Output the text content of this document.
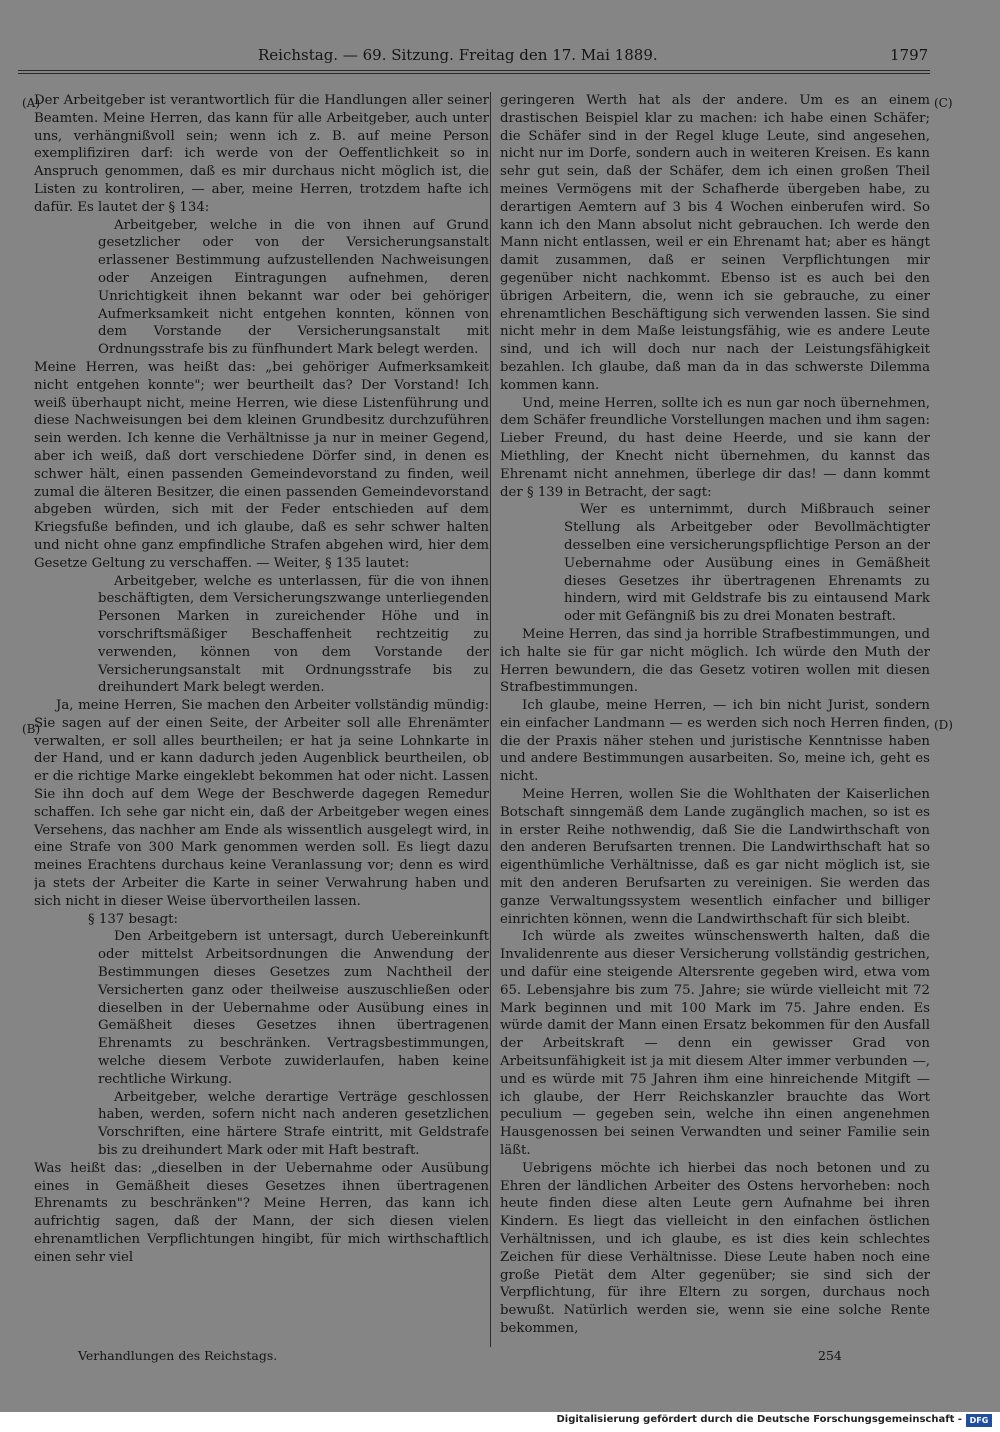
Reichstag. — 69. Sitzung. Freitag den 17. Mai 1889.	1797
(A)
(B)
(C)
(D)

Der Arbeitgeber ist verantwortlich für die Handlungen aller seiner Beamten. Meine Herren, das kann für alle Arbeitgeber, auch unter uns, verhängnißvoll sein; wenn ich z. B. auf meine Person exemplifiziren darf: ich werde von der Oeffentlichkeit so in Anspruch genommen, daß es mir durchaus nicht möglich ist, die Listen zu kontroliren, — aber, meine Herren, trotzdem hafte ich dafür. Es lautet der § 134:

Arbeitgeber, welche in die von ihnen auf Grund gesetzlicher oder von der Versicherungsanstalt erlassener Bestimmung aufzustellenden Nachweisungen oder Anzeigen Eintragungen aufnehmen, deren Unrichtigkeit ihnen bekannt war oder bei gehöriger Aufmerksamkeit nicht entgehen konnten, können von dem Vorstande der Versicherungsanstalt mit Ordnungsstrafe bis zu fünfhundert Mark belegt werden.

Meine Herren, was heißt das: „bei gehöriger Aufmerksamkeit nicht entgehen konnte"; wer beurtheilt das? Der Vorstand! Ich weiß überhaupt nicht, meine Herren, wie diese Listenführung und diese Nachweisungen bei dem kleinen Grundbesitz durchzuführen sein werden. Ich kenne die Verhältnisse ja nur in meiner Gegend, aber ich weiß, daß dort verschiedene Dörfer sind, in denen es schwer hält, einen passenden Gemeindevorstand zu finden, weil zumal die älteren Besitzer, die einen passenden Gemeindevorstand abgeben würden, sich mit der Feder entschieden auf dem Kriegsfuße befinden, und ich glaube, daß es sehr schwer halten und nicht ohne ganz empfindliche Strafen abgehen wird, hier dem Gesetze Geltung zu verschaffen. — Weiter, § 135 lautet:

Arbeitgeber, welche es unterlassen, für die von ihnen beschäftigten, dem Versicherungszwange unterliegenden Personen Marken in zureichender Höhe und in vorschriftsmäßiger Beschaffenheit rechtzeitig zu verwenden, können von dem Vorstande der Versicherungsanstalt mit Ordnungsstrafe bis zu dreihundert Mark belegt werden.

Ja, meine Herren, Sie machen den Arbeiter vollständig mündig: Sie sagen auf der einen Seite, der Arbeiter soll alle Ehrenämter verwalten, er soll alles beurtheilen; er hat ja seine Lohnkarte in der Hand, und er kann dadurch jeden Augenblick beurtheilen, ob er die richtige Marke eingeklebt bekommen hat oder nicht. Lassen Sie ihn doch auf dem Wege der Beschwerde dagegen Remedur schaffen. Ich sehe gar nicht ein, daß der Arbeitgeber wegen eines Versehens, das nachher am Ende als wissentlich ausgelegt wird, in eine Strafe von 300 Mark genommen werden soll. Es liegt dazu meines Erachtens durchaus keine Veranlassung vor; denn es wird ja stets der Arbeiter die Karte in seiner Verwahrung haben und sich nicht in dieser Weise übervortheilen lassen.

§ 137 besagt:

Den Arbeitgebern ist untersagt, durch Uebereinkunft oder mittelst Arbeitsordnungen die Anwendung der Bestimmungen dieses Gesetzes zum Nachtheil der Versicherten ganz oder theilweise auszuschließen oder dieselben in der Uebernahme oder Ausübung eines in Gemäßheit dieses Gesetzes ihnen übertragenen Ehrenamts zu beschränken. Vertragsbestimmungen, welche diesem Verbote zuwiderlaufen, haben keine rechtliche Wirkung.

Arbeitgeber, welche derartige Verträge geschlossen haben, werden, sofern nicht nach anderen gesetzlichen Vorschriften, eine härtere Strafe eintritt, mit Geldstrafe bis zu dreihundert Mark oder mit Haft bestraft.

Was heißt das: „dieselben in der Uebernahme oder Ausübung eines in Gemäßheit dieses Gesetzes ihnen übertragenen Ehrenamts zu beschränken"? Meine Herren, das kann ich aufrichtig sagen, daß der Mann, der sich diesen vielen ehrenamtlichen Verpflichtungen hingibt, für mich wirthschaftlich einen sehr viel

geringeren Werth hat als der andere. Um es an einem drastischen Beispiel klar zu machen: ich habe einen Schäfer; die Schäfer sind in der Regel kluge Leute, sind angesehen, nicht nur im Dorfe, sondern auch in weiteren Kreisen. Es kann sehr gut sein, daß der Schäfer, dem ich einen großen Theil meines Vermögens mit der Schafherde übergeben habe, zu derartigen Aemtern auf 3 bis 4 Wochen einberufen wird. So kann ich den Mann absolut nicht gebrauchen. Ich werde den Mann nicht entlassen, weil er ein Ehrenamt hat; aber es hängt damit zusammen, daß er seinen Verpflichtungen mir gegenüber nicht nachkommt. Ebenso ist es auch bei den übrigen Arbeitern, die, wenn ich sie gebrauche, zu einer ehrenamtlichen Beschäftigung sich verwenden lassen. Sie sind nicht mehr in dem Maße leistungsfähig, wie es andere Leute sind, und ich will doch nur nach der Leistungsfähigkeit bezahlen. Ich glaube, daß man da in das schwerste Dilemma kommen kann.

Und, meine Herren, sollte ich es nun gar noch übernehmen, dem Schäfer freundliche Vorstellungen machen und ihm sagen: Lieber Freund, du hast deine Heerde, und sie kann der Miethling, der Knecht nicht übernehmen, du kannst das Ehrenamt nicht annehmen, überlege dir das! — dann kommt der § 139 in Betracht, der sagt:

Wer es unternimmt, durch Mißbrauch seiner Stellung als Arbeitgeber oder Bevollmächtigter desselben eine versicherungspflichtige Person an der Uebernahme oder Ausübung eines in Gemäßheit dieses Gesetzes ihr übertragenen Ehrenamts zu hindern, wird mit Geldstrafe bis zu eintausend Mark oder mit Gefängniß bis zu drei Monaten bestraft.

Meine Herren, das sind ja horrible Strafbestimmungen, und ich halte sie für gar nicht möglich. Ich würde den Muth der Herren bewundern, die das Gesetz votiren wollen mit diesen Strafbestimmungen.

Ich glaube, meine Herren, — ich bin nicht Jurist, sondern ein einfacher Landmann — es werden sich noch Herren finden, die der Praxis näher stehen und juristische Kenntnisse haben und andere Bestimmungen ausarbeiten. So, meine ich, geht es nicht.

Meine Herren, wollen Sie die Wohlthaten der Kaiserlichen Botschaft sinngemäß dem Lande zugänglich machen, so ist es in erster Reihe nothwendig, daß Sie die Landwirthschaft von den anderen Berufsarten trennen. Die Landwirthschaft hat so eigenthümliche Verhältnisse, daß es gar nicht möglich ist, sie mit den anderen Berufsarten zu vereinigen. Sie werden das ganze Verwaltungssystem wesentlich einfacher und billiger einrichten können, wenn die Landwirthschaft für sich bleibt.

Ich würde als zweites wünschenswerth halten, daß die Invalidenrente aus dieser Versicherung vollständig gestrichen, und dafür eine steigende Altersrente gegeben wird, etwa vom 65. Lebensjahre bis zum 75. Jahre; sie würde vielleicht mit 72 Mark beginnen und mit 100 Mark im 75. Jahre enden. Es würde damit der Mann einen Ersatz bekommen für den Ausfall der Arbeitskraft — denn ein gewisser Grad von Arbeitsunfähigkeit ist ja mit diesem Alter immer verbunden —, und es würde mit 75 Jahren ihm eine hinreichende Mitgift — ich glaube, der Herr Reichskanzler brauchte das Wort peculium — gegeben sein, welche ihn einen angenehmen Hausgenossen bei seinen Verwandten und seiner Familie sein läßt.

Uebrigens möchte ich hierbei das noch betonen und zu Ehren der ländlichen Arbeiter des Ostens hervorheben: noch heute finden diese alten Leute gern Aufnahme bei ihren Kindern. Es liegt das vielleicht in den einfachen östlichen Verhältnissen, und ich glaube, es ist dies kein schlechtes Zeichen für diese Verhältnisse. Diese Leute haben noch eine große Pietät dem Alter gegenüber; sie sind sich der Verpflichtung, für ihre Eltern zu sorgen, durchaus noch bewußt. Natürlich werden sie, wenn sie eine solche Rente bekommen,

Verhandlungen des Reichstags.	254
Digitalisierung gefördert durch die Deutsche Forschungsgemeinschaft - DFG
